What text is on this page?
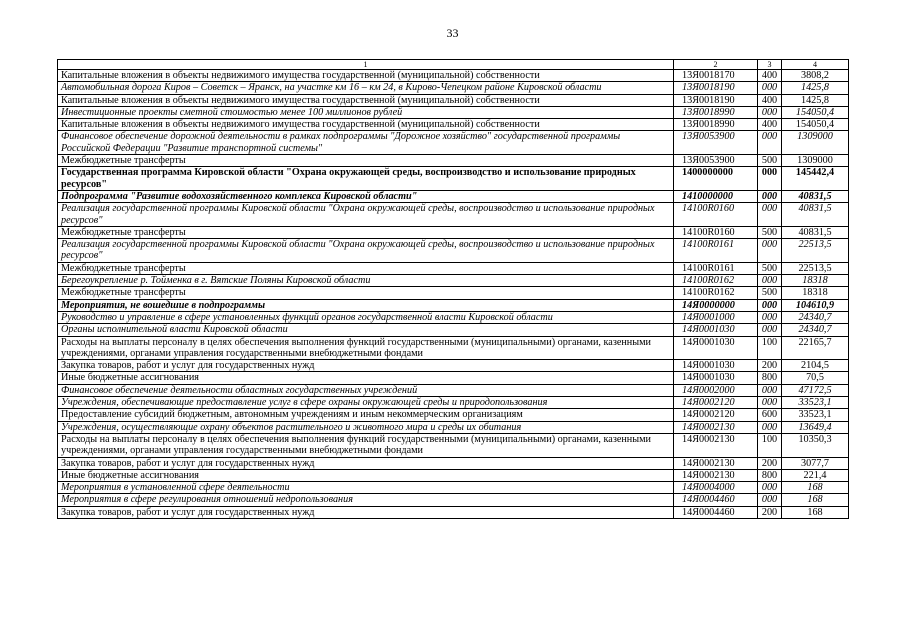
33
1	2	3	4
Капитальные вложения в объекты недвижимого имущества государственной (муниципальной) собственности	13Я0018170	400	3808,2
Автомобильная дорога Киров – Советск – Яранск, на участке км 16 – км 24, в Кирово-Чепецком районе Кировской области	13Я0018190	000	1425,8
Капитальные вложения в объекты недвижимого имущества государственной (муниципальной) собственности	13Я0018190	400	1425,8
Инвестиционные проекты сметной стоимостью менее 100 миллионов рублей	13Я0018990	000	154050,4
Капитальные вложения в объекты недвижимого имущества государственной (муниципальной) собственности	13Я0018990	400	154050,4
Финансовое обеспечение дорожной деятельности в рамках подпрограммы "Дорожное хозяйство" государственной программы Российской Федерации "Развитие транспортной системы"	13Я0053900	000	1309000
Межбюджетные трансферты	13Я0053900	500	1309000
Государственная программа Кировской области "Охрана окружающей среды, воспроизводство и использование природных ресурсов"	1400000000	000	145442,4
Подпрограмма "Развитие водохозяйственного комплекса Кировской области"	1410000000	000	40831,5
Реализация государственной программы Кировской области "Охрана окружающей среды, воспроизводство и использование природных ресурсов"	14100R0160	000	40831,5
Межбюджетные трансферты	14100R0160	500	40831,5
Реализация государственной программы Кировской области "Охрана окружающей среды, воспроизводство и использование природных ресурсов"	14100R0161	000	22513,5
Межбюджетные трансферты	14100R0161	500	22513,5
Берегоукрепление р. Тойменка в г. Вятские Поляны Кировской области	14100R0162	000	18318
Межбюджетные трансферты	14100R0162	500	18318
Мероприятия, не вошедшие в подпрограммы	14Я0000000	000	104610,9
Руководство и управление в сфере установленных функций органов государственной власти Кировской области	14Я0001000	000	24340,7
Органы исполнительной власти Кировской области	14Я0001030	000	24340,7
Расходы на выплаты персоналу в целях обеспечения выполнения функций государственными (муниципальными) органами, казенными учреждениями, органами управления государственными внебюджетными фондами	14Я0001030	100	22165,7
Закупка товаров, работ и услуг для государственных нужд	14Я0001030	200	2104,5
Иные бюджетные ассигнования	14Я0001030	800	70,5
Финансовое обеспечение деятельности областных государственных учреждений	14Я0002000	000	47172,5
Учреждения, обеспечивающие предоставление услуг в сфере охраны окружающей среды и природопользования	14Я0002120	000	33523,1
Предоставление субсидий бюджетным, автономным учреждениям и иным некоммерческим организациям	14Я0002120	600	33523,1
Учреждения, осуществляющие охрану объектов растительного и животного мира и среды их обитания	14Я0002130	000	13649,4
Расходы на выплаты персоналу в целях обеспечения выполнения функций государственными (муниципальными) органами, казенными учреждениями, органами управления государственными внебюджетными фондами	14Я0002130	100	10350,3
Закупка товаров, работ и услуг для государственных нужд	14Я0002130	200	3077,7
Иные бюджетные ассигнования	14Я0002130	800	221,4
Мероприятия в установленной сфере деятельности	14Я0004000	000	168
Мероприятия в сфере регулирования отношений недропользования	14Я0004460	000	168
Закупка товаров, работ и услуг для государственных нужд	14Я0004460	200	168
